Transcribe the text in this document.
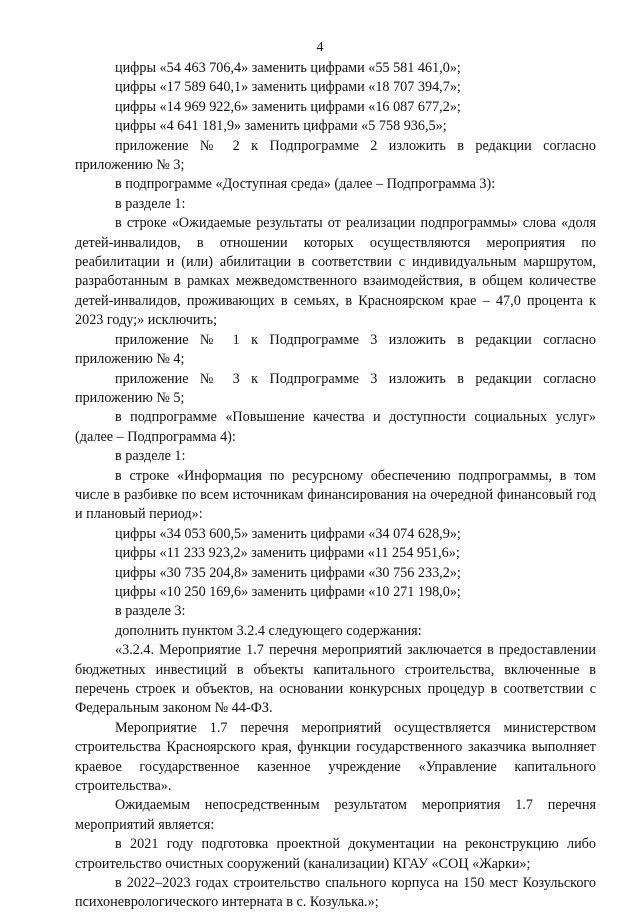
4

цифры «54 463 706,4» заменить цифрами «55 581 461,0»;

цифры «17 589 640,1» заменить цифрами «18 707 394,7»;

цифры «14 969 922,6» заменить цифрами «16 087 677,2»;

цифры «4 641 181,9» заменить цифрами «5 758 936,5»;

приложение № 2 к Подпрограмме 2 изложить в редакции согласно приложению № 3;

в подпрограмме «Доступная среда» (далее – Подпрограмма 3):

в разделе 1:

в строке «Ожидаемые результаты от реализации подпрограммы» слова «доля детей-инвалидов, в отношении которых осуществляются мероприятия по реабилитации и (или) абилитации в соответствии с индивидуальным маршрутом, разработанным в рамках межведомственного взаимодействия, в общем количестве детей-инвалидов, проживающих в семьях, в Красноярском крае – 47,0 процента к 2023 году;» исключить;

приложение № 1 к Подпрограмме 3 изложить в редакции согласно приложению № 4;

приложение № 3 к Подпрограмме 3 изложить в редакции согласно приложению № 5;

в подпрограмме «Повышение качества и доступности социальных услуг» (далее – Подпрограмма 4):

в разделе 1:

в строке «Информация по ресурсному обеспечению подпрограммы, в том числе в разбивке по всем источникам финансирования на очередной финансовый год и плановый период»:

цифры «34 053 600,5» заменить цифрами «34 074 628,9»;

цифры «11 233 923,2» заменить цифрами «11 254 951,6»;

цифры «30 735 204,8» заменить цифрами «30 756 233,2»;

цифры «10 250 169,6» заменить цифрами «10 271 198,0»;

в разделе 3:

дополнить пунктом 3.2.4 следующего содержания:

«3.2.4. Мероприятие 1.7 перечня мероприятий заключается в предоставлении бюджетных инвестиций в объекты капитального строительства, включенные в перечень строек и объектов, на основании конкурсных процедур в соответствии с Федеральным законом № 44-ФЗ.

Мероприятие 1.7 перечня мероприятий осуществляется министерством строительства Красноярского края, функции государственного заказчика выполняет краевое государственное казенное учреждение «Управление капитального строительства».

Ожидаемым непосредственным результатом мероприятия 1.7 перечня мероприятий является:

в 2021 году подготовка проектной документации на реконструкцию либо строительство очистных сооружений (канализации) КГАУ «СОЦ «Жарки»;

в 2022–2023 годах строительство спального корпуса на 150 мест Козульского психоневрологического интерната в с. Козулька.»;
